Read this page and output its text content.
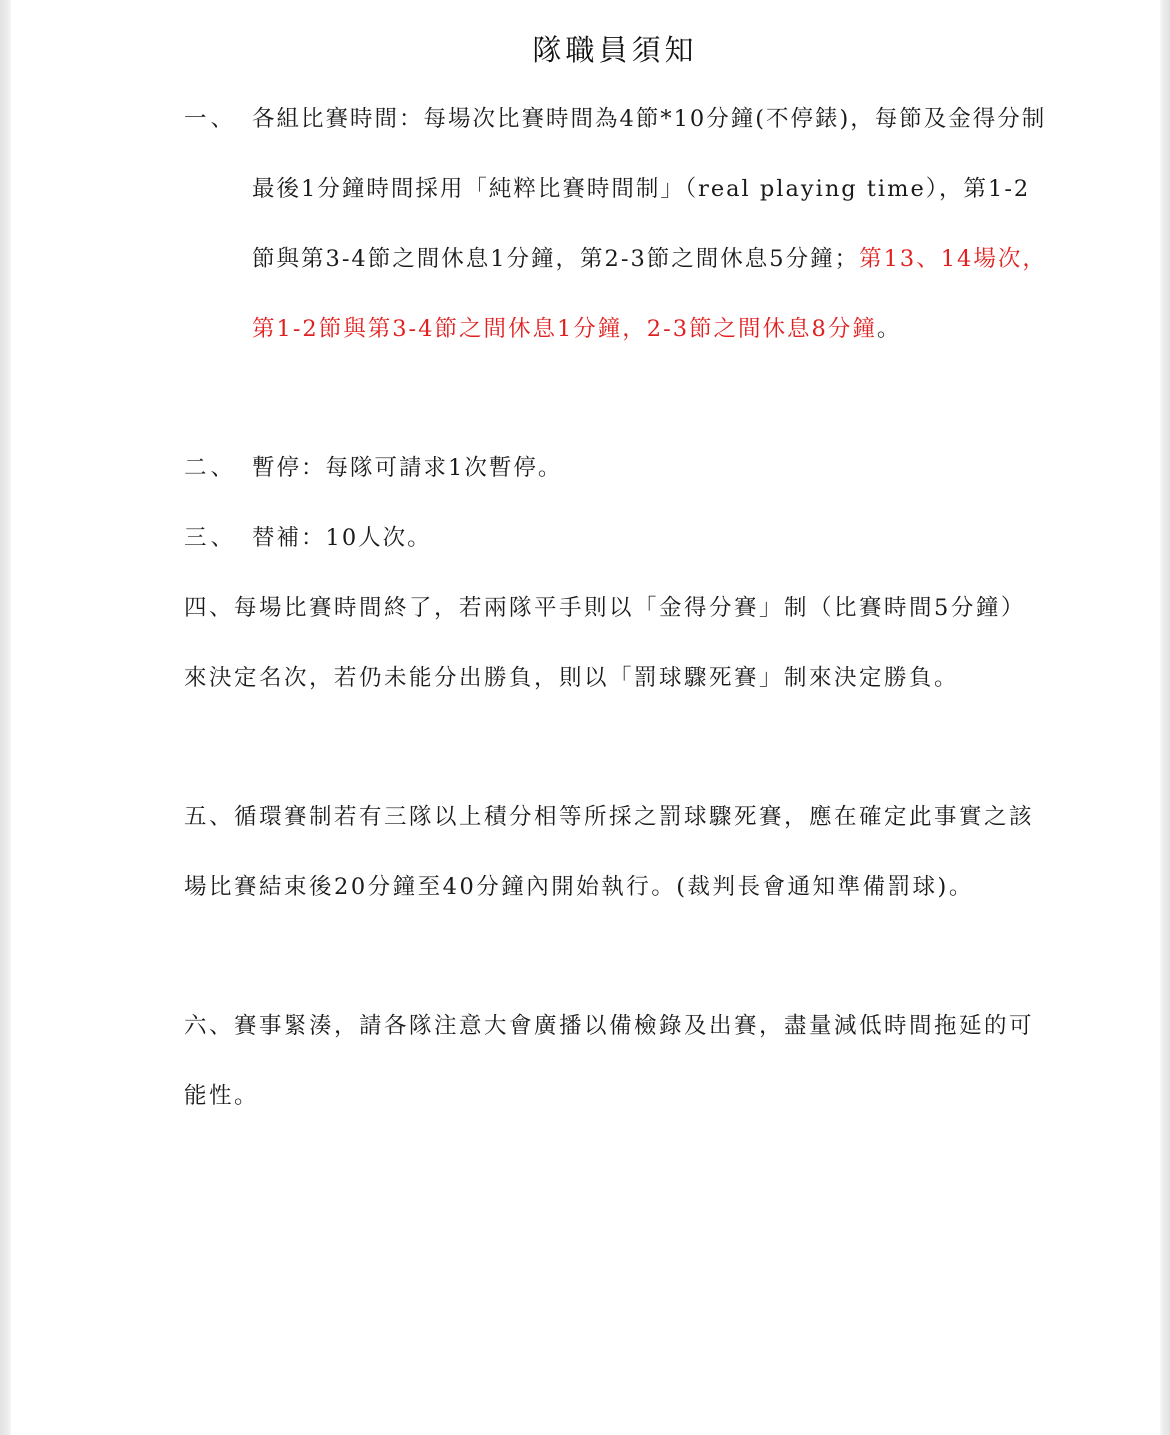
隊職員須知
一、 各組比賽時間：每場次比賽時間為4節*10分鐘(不停錶)，每節及金得分制最後1分鐘時間採用「純粹比賽時間制」（real playing time），第1-2節與第3-4節之間休息1分鐘，第2-3節之間休息5分鐘；第13、14場次，第1-2節與第3-4節之間休息1分鐘，2-3節之間休息8分鐘。
二、 暫停：每隊可請求1次暫停。
三、 替補：10人次。
四、每場比賽時間終了，若兩隊平手則以「金得分賽」制（比賽時間5分鐘）來決定名次，若仍未能分出勝負，則以「罰球驟死賽」制來決定勝負。
五、循環賽制若有三隊以上積分相等所採之罰球驟死賽，應在確定此事實之該場比賽結束後20分鐘至40分鐘內開始執行。(裁判長會通知準備罰球)。
六、賽事緊湊，請各隊注意大會廣播以備檢錄及出賽，盡量減低時間拖延的可能性。
